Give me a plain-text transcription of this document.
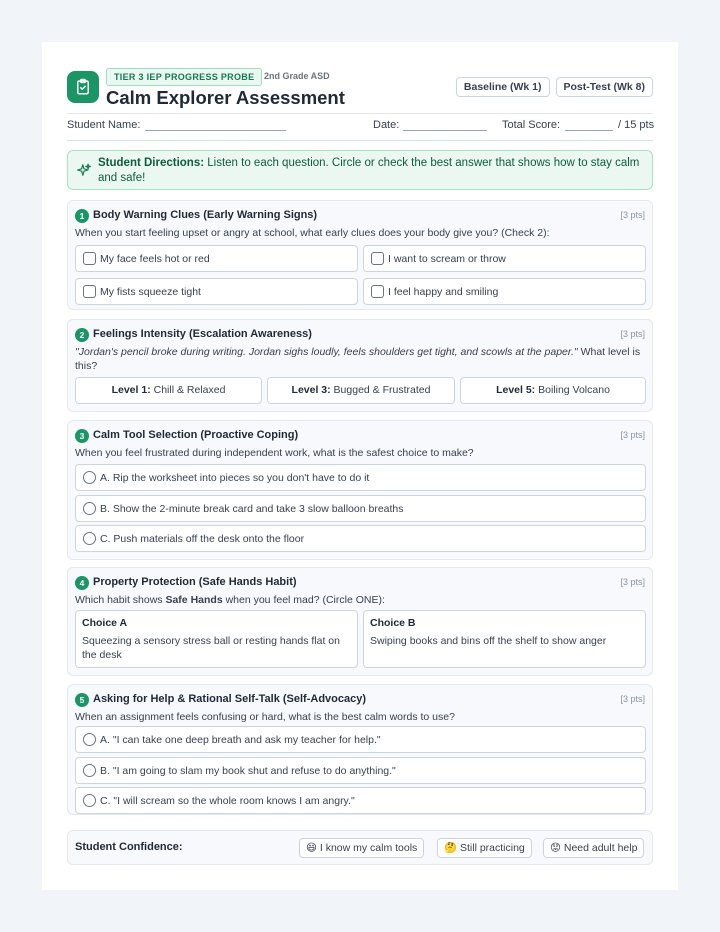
TIER 3 IEP PROGRESS PROBE	2nd Grade ASD
Calm Explorer Assessment	Baseline (Wk 1)	Post-Test (Wk 8)
Student Name:	Date:	Total Score:	/ 15 pts
Student Directions: Listen to each question. Circle or check the best answer that shows how to stay calm and safe!
1 Body Warning Clues (Early Warning Signs)	[3 pts]
When you start feeling upset or angry at school, what early clues does your body give you? (Check 2):
My face feels hot or red	I want to scream or throw
My fists squeeze tight	I feel happy and smiling
2 Feelings Intensity (Escalation Awareness)	[3 pts]
"Jordan's pencil broke during writing. Jordan sighs loudly, feels shoulders get tight, and scowls at the paper." What level is this?
Level 1: Chill & Relaxed	Level 3: Bugged & Frustrated	Level 5: Boiling Volcano
3 Calm Tool Selection (Proactive Coping)	[3 pts]
When you feel frustrated during independent work, what is the safest choice to make?
A. Rip the worksheet into pieces so you don't have to do it
B. Show the 2-minute break card and take 3 slow balloon breaths
C. Push materials off the desk onto the floor
4 Property Protection (Safe Hands Habit)	[3 pts]
Which habit shows Safe Hands when you feel mad? (Circle ONE):
Choice A
Squeezing a sensory stress ball or resting hands flat on the desk
Choice B
Swiping books and bins off the shelf to show anger
5 Asking for Help & Rational Self-Talk (Self-Advocacy)	[3 pts]
When an assignment feels confusing or hard, what is the best calm words to use?
A. "I can take one deep breath and ask my teacher for help."
B. "I am going to slam my book shut and refuse to do anything."
C. "I will scream so the whole room knows I am angry."
Student Confidence:	😄 I know my calm tools	🤔 Still practicing	😟 Need adult help
